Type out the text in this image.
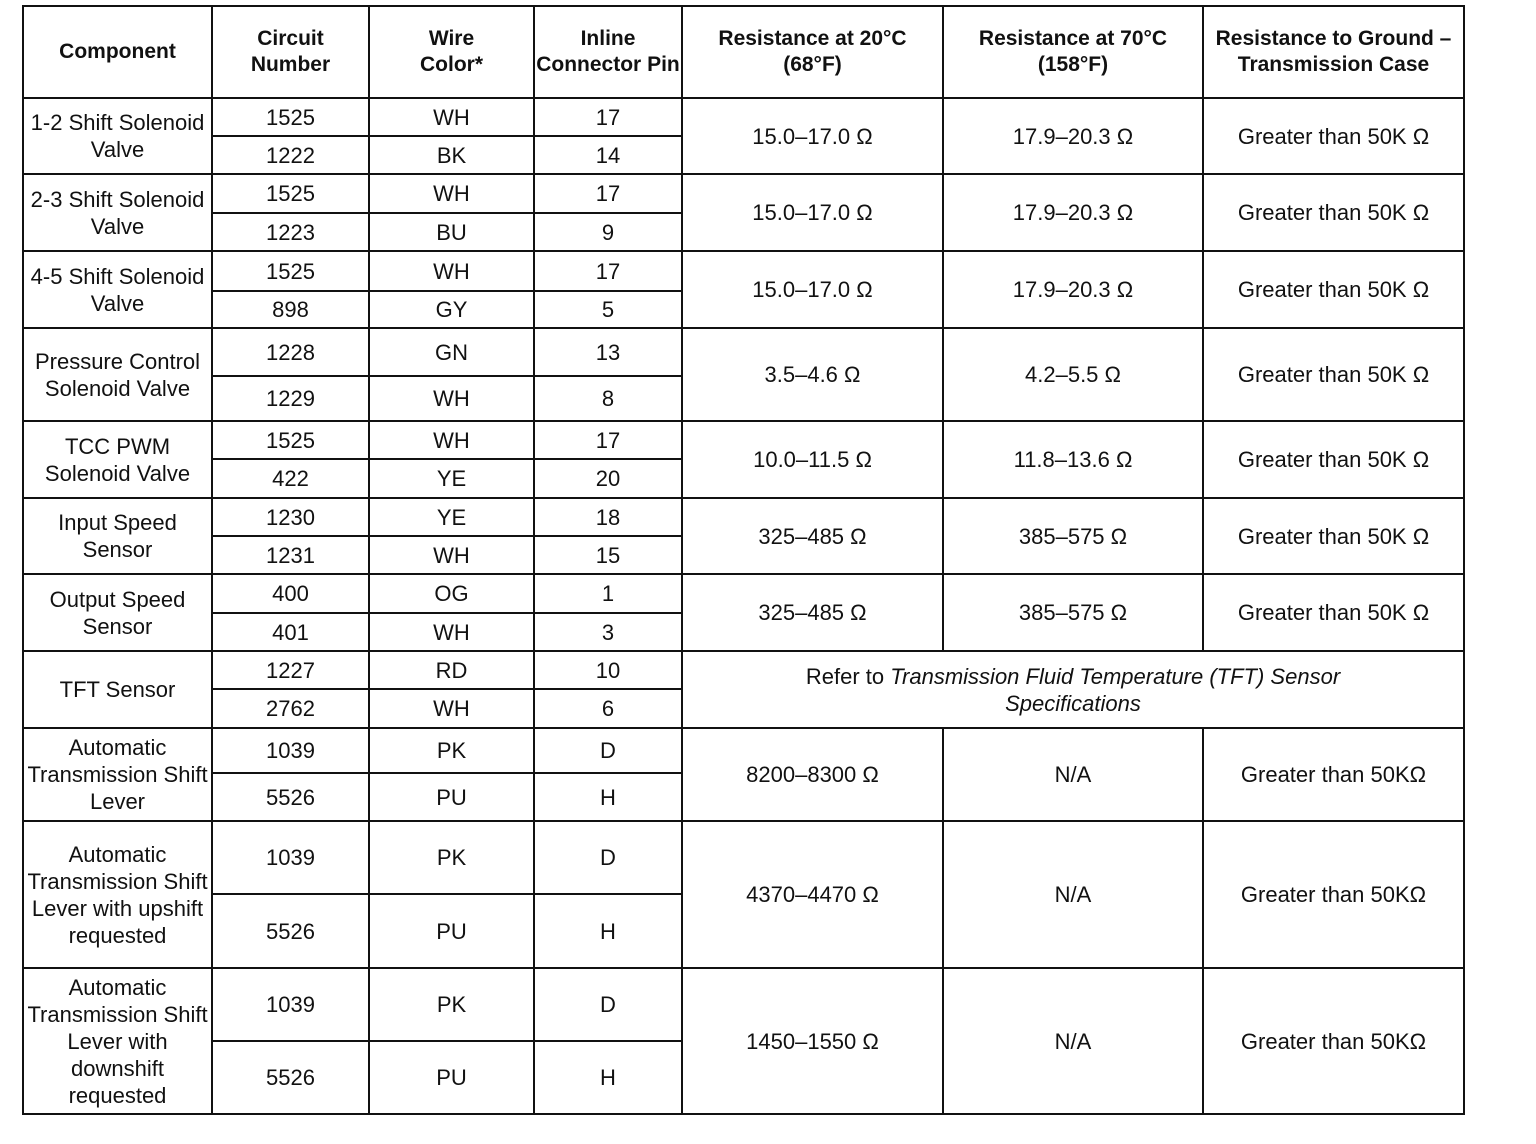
Component	Circuit Number	Wire Color*	Inline Connector Pin	Resistance at 20°C (68°F)	Resistance at 70°C (158°F)	Resistance to Ground – Transmission Case
1-2 Shift Solenoid Valve	1525	WH	17	15.0–17.0 Ω	17.9–20.3 Ω	Greater than 50K Ω
	1222	BK	14			
2-3 Shift Solenoid Valve	1525	WH	17	15.0–17.0 Ω	17.9–20.3 Ω	Greater than 50K Ω
	1223	BU	9			
4-5 Shift Solenoid Valve	1525	WH	17	15.0–17.0 Ω	17.9–20.3 Ω	Greater than 50K Ω
	898	GY	5			
Pressure Control Solenoid Valve	1228	GN	13	3.5–4.6 Ω	4.2–5.5 Ω	Greater than 50K Ω
	1229	WH	8			
TCC PWM Solenoid Valve	1525	WH	17	10.0–11.5 Ω	11.8–13.6 Ω	Greater than 50K Ω
	422	YE	20			
Input Speed Sensor	1230	YE	18	325–485 Ω	385–575 Ω	Greater than 50K Ω
	1231	WH	15			
Output Speed Sensor	400	OG	1	325–485 Ω	385–575 Ω	Greater than 50K Ω
	401	WH	3			
TFT Sensor	1227	RD	10	Refer to Transmission Fluid Temperature (TFT) Sensor Specifications		
	2762	WH	6			
Automatic Transmission Shift Lever	1039	PK	D	8200–8300 Ω	N/A	Greater than 50KΩ
	5526	PU	H			
Automatic Transmission Shift Lever with upshift requested	1039	PK	D	4370–4470 Ω	N/A	Greater than 50KΩ
	5526	PU	H			
Automatic Transmission Shift Lever with downshift requested	1039	PK	D	1450–1550 Ω	N/A	Greater than 50KΩ
	5526	PU	H			
